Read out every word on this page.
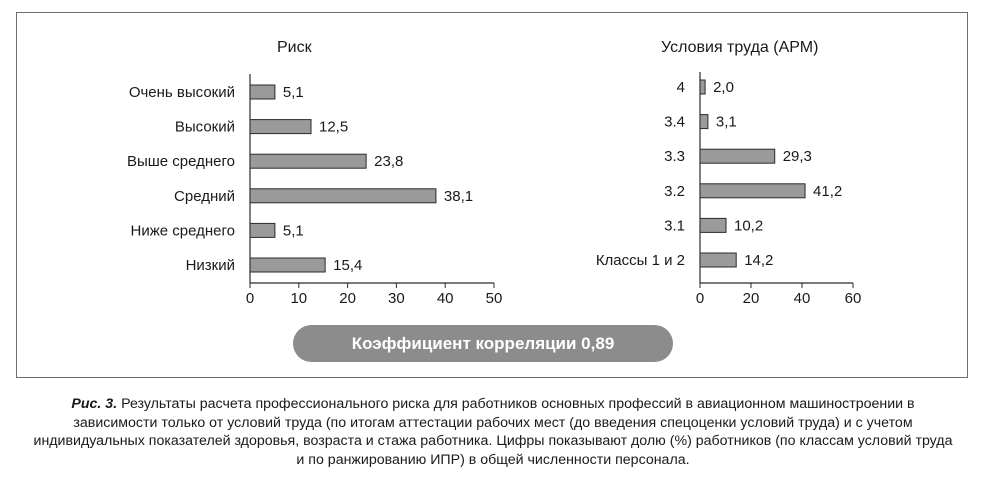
Риск
0 10 20 30 40 50
Очень высокий	5,1
Высокий	12,5
Выше среднего	23,8
Средний	38,1
Ниже среднего	5,1
Низкий	15,4
Условия труда (АРМ)
0	20 40 60
4 2,0
3.4 3,1
3.3	29,3
3.2	41,2
3.1	10,2
Классы 1 и 2	14,2
Коэффициент корреляции 0,89
Рис. 3. Результаты расчета профессионального риска для работников основных профессий в авиационном машиностроении в зависимости только от условий труда (по итогам аттестации рабочих мест (до введения спецоценки условий труда) и с учетом индивидуальных показателей здоровья, возраста и стажа работника. Цифры показывают долю (%) работников (по классам условий труда и по ранжированию ИПР) в общей численности персонала.
